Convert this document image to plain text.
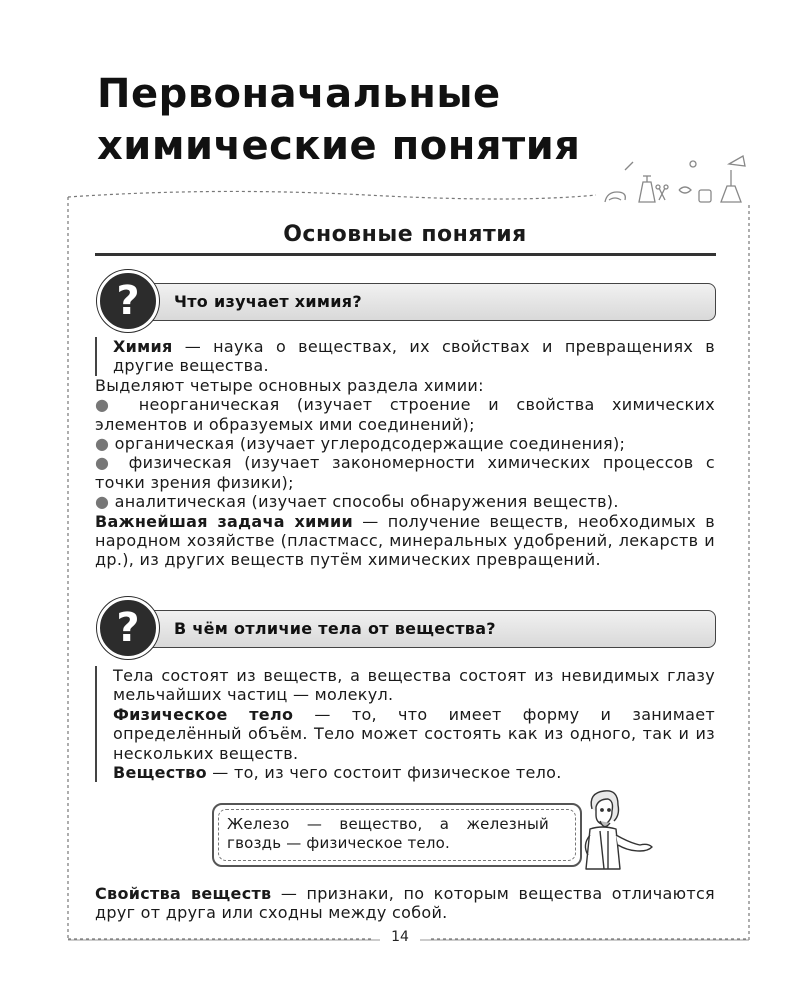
Первоначальные
химические понятия
Основные понятия
Что изучает химия?
?

Химия — наука о веществах, их свойствах и превращениях в другие вещества.

Выделяют четыре основных раздела химии:

● неорганическая (изучает строение и свойства химических элементов и образуемых ими соединений);

● органическая (изучает углеродсодержащие соединения);

● физическая (изучает закономерности химических процессов с точки зрения физики);

● аналитическая (изучает способы обнаружения веществ).

Важнейшая задача химии — получение веществ, необходимых в народном хозяйстве (пластмасс, минеральных удобрений, лекарств и др.), из других веществ путём химических превращений.

В чём отличие тела от вещества?
?

Тела состоят из веществ, а вещества состоят из невидимых глазу мельчайших частиц — молекул.

Физическое тело — то, что имеет форму и занимает определённый объём. Тело может состоять как из одного, так и из нескольких веществ.

Вещество — то, из чего состоит физическое тело.

Железо — вещество, а железный гвоздь — физическое тело.

Свойства веществ — признаки, по которым вещества отличаются друг от друга или сходны между собой.

14
